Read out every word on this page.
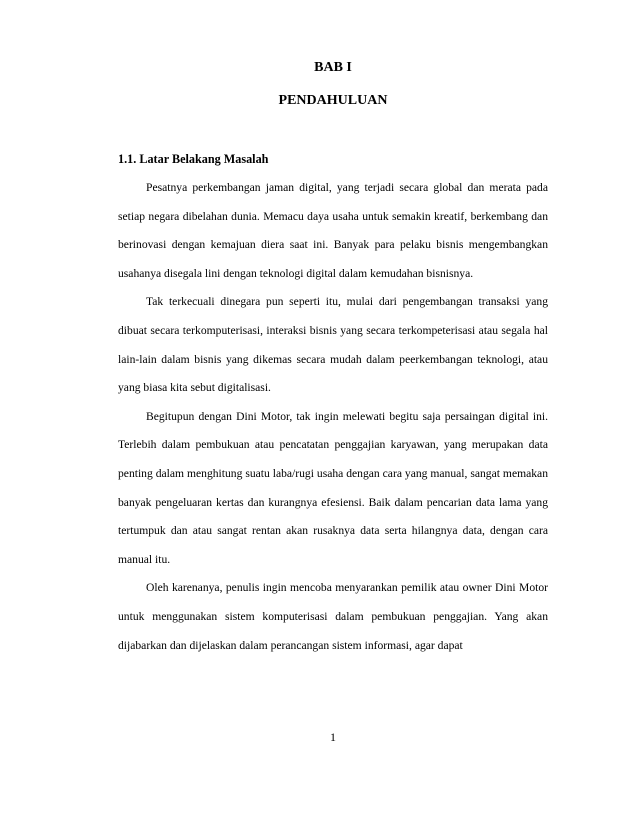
BAB I
PENDAHULUAN
1.1. Latar Belakang Masalah

Pesatnya perkembangan jaman digital, yang terjadi secara global dan merata pada setiap negara dibelahan dunia. Memacu daya usaha untuk semakin kreatif, berkembang dan berinovasi dengan kemajuan diera saat ini. Banyak para pelaku bisnis mengembangkan usahanya disegala lini dengan teknologi digital dalam kemudahan bisnisnya.

Tak terkecuali dinegara pun seperti itu, mulai dari pengembangan transaksi yang dibuat secara terkomputerisasi, interaksi bisnis yang secara terkompeterisasi atau segala hal lain-lain dalam bisnis yang dikemas secara mudah dalam peerkembangan teknologi, atau yang biasa kita sebut digitalisasi.

Begitupun dengan Dini Motor, tak ingin melewati begitu saja persaingan digital ini. Terlebih dalam pembukuan atau pencatatan penggajian karyawan, yang merupakan data penting dalam menghitung suatu laba/rugi usaha dengan cara yang manual, sangat memakan banyak pengeluaran kertas dan kurangnya efesiensi. Baik dalam pencarian data lama yang tertumpuk dan atau sangat rentan akan rusaknya data serta hilangnya data, dengan cara manual itu.

Oleh karenanya, penulis ingin mencoba menyarankan pemilik atau owner Dini Motor untuk menggunakan sistem komputerisasi dalam pembukuan penggajian. Yang akan dijabarkan dan dijelaskan dalam perancangan sistem informasi, agar dapat

1
